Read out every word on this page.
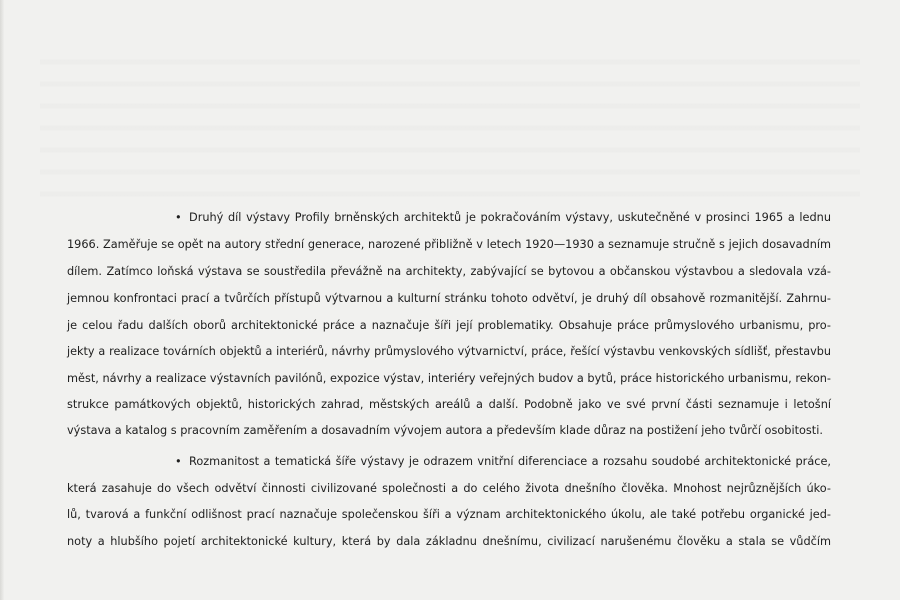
• Druhý díl výstavy Profily brněnských architektů je pokračováním výstavy, uskutečněné v prosinci 1965 a lednu
1966. Zaměřuje se opět na autory střední generace, narozené přibližně v letech 1920—1930 a seznamuje stručně s jejich dosavadním
dílem. Zatímco loňská výstava se soustředila převážně na architekty, zabývající se bytovou a občanskou výstavbou a sledovala vzá-
jemnou konfrontaci prací a tvůrčích přístupů výtvarnou a kulturní stránku tohoto odvětví, je druhý díl obsahově rozmanitější. Zahrnu-
je celou řadu dalších oborů architektonické práce a naznačuje šíři její problematiky. Obsahuje práce průmyslového urbanismu, pro-
jekty a realizace továrních objektů a interiérů, návrhy průmyslového výtvarnictví, práce, řešící výstavbu venkovských sídlišť, přestavbu
měst, návrhy a realizace výstavních pavilónů, expozice výstav, interiéry veřejných budov a bytů, práce historického urbanismu, rekon-
strukce památkových objektů, historických zahrad, městských areálů a další. Podobně jako ve své první části seznamuje i letošní
výstava a katalog s pracovním zaměřením a dosavadním vývojem autora a především klade důraz na postižení jeho tvůrčí osobitosti.
• Rozmanitost a tematická šíře výstavy je odrazem vnitřní diferenciace a rozsahu soudobé architektonické práce,
která zasahuje do všech odvětví činnosti civilizované společnosti a do celého života dnešního člověka. Mnohost nejrůznějších úko-
lů, tvarová a funkční odlišnost prací naznačuje společenskou šíři a význam architektonického úkolu, ale také potřebu organické jed-
noty a hlubšího pojetí architektonické kultury, která by dala základnu dnešnímu, civilizací narušenému člověku a stala se vůdčím
